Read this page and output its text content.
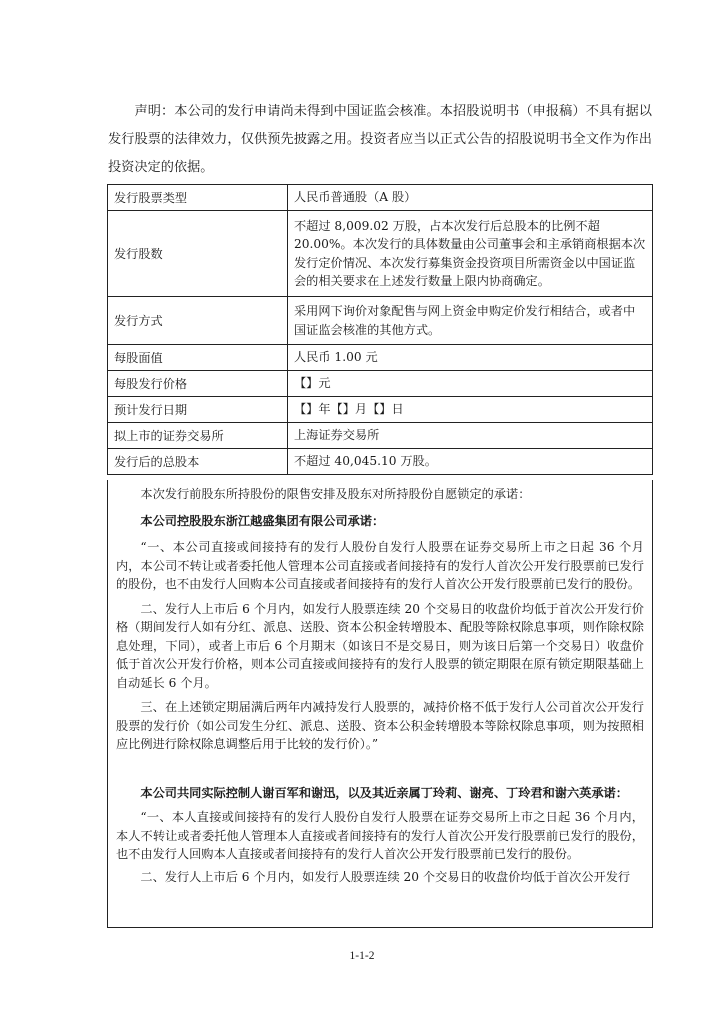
声明：本公司的发行申请尚未得到中国证监会核准。本招股说明书（申报稿）不具有据以发行股票的法律效力，仅供预先披露之用。投资者应当以正式公告的招股说明书全文作为作出投资决定的依据。

发行股票类型	人民币普通股（A 股）
发行股数	不超过 8,009.02 万股，占本次发行后总股本的比例不超 20.00%。本次发行的具体数量由公司董事会和主承销商根据本次发行定价情况、本次发行募集资金投资项目所需资金以中国证监会的相关要求在上述发行数量上限内协商确定。
发行方式	采用网下询价对象配售与网上资金申购定价发行相结合，或者中国证监会核准的其他方式。
每股面值	人民币 1.00 元
每股发行价格	【】元
预计发行日期	【】年【】月【】日
拟上市的证券交易所	上海证券交易所
发行后的总股本	不超过 40,045.10 万股。

本次发行前股东所持股份的限售安排及股东对所持股份自愿锁定的承诺：

本公司控股股东浙江越盛集团有限公司承诺：

“一、本公司直接或间接持有的发行人股份自发行人股票在证券交易所上市之日起 36 个月内，本公司不转让或者委托他人管理本公司直接或者间接持有的发行人首次公开发行股票前已发行的股份，也不由发行人回购本公司直接或者间接持有的发行人首次公开发行股票前已发行的股份。

二、发行人上市后 6 个月内，如发行人股票连续 20 个交易日的收盘价均低于首次公开发行价格（期间发行人如有分红、派息、送股、资本公积金转增股本、配股等除权除息事项，则作除权除息处理，下同），或者上市后 6 个月期末（如该日不是交易日，则为该日后第一个交易日）收盘价低于首次公开发行价格，则本公司直接或间接持有的发行人股票的锁定期限在原有锁定期限基础上自动延长 6 个月。

三、在上述锁定期届满后两年内减持发行人股票的，减持价格不低于发行人公司首次公开发行股票的发行价（如公司发生分红、派息、送股、资本公积金转增股本等除权除息事项，则为按照相应比例进行除权除息调整后用于比较的发行价）。”

本公司共同实际控制人谢百军和谢迅，以及其近亲属丁玲莉、谢亮、丁玲君和谢六英承诺：

“一、本人直接或间接持有的发行人股份自发行人股票在证券交易所上市之日起 36 个月内，本人不转让或者委托他人管理本人直接或者间接持有的发行人首次公开发行股票前已发行的股份，也不由发行人回购本人直接或者间接持有的发行人首次公开发行股票前已发行的股份。

二、发行人上市后 6 个月内，如发行人股票连续 20 个交易日的收盘价均低于首次公开发行

1-1-2
